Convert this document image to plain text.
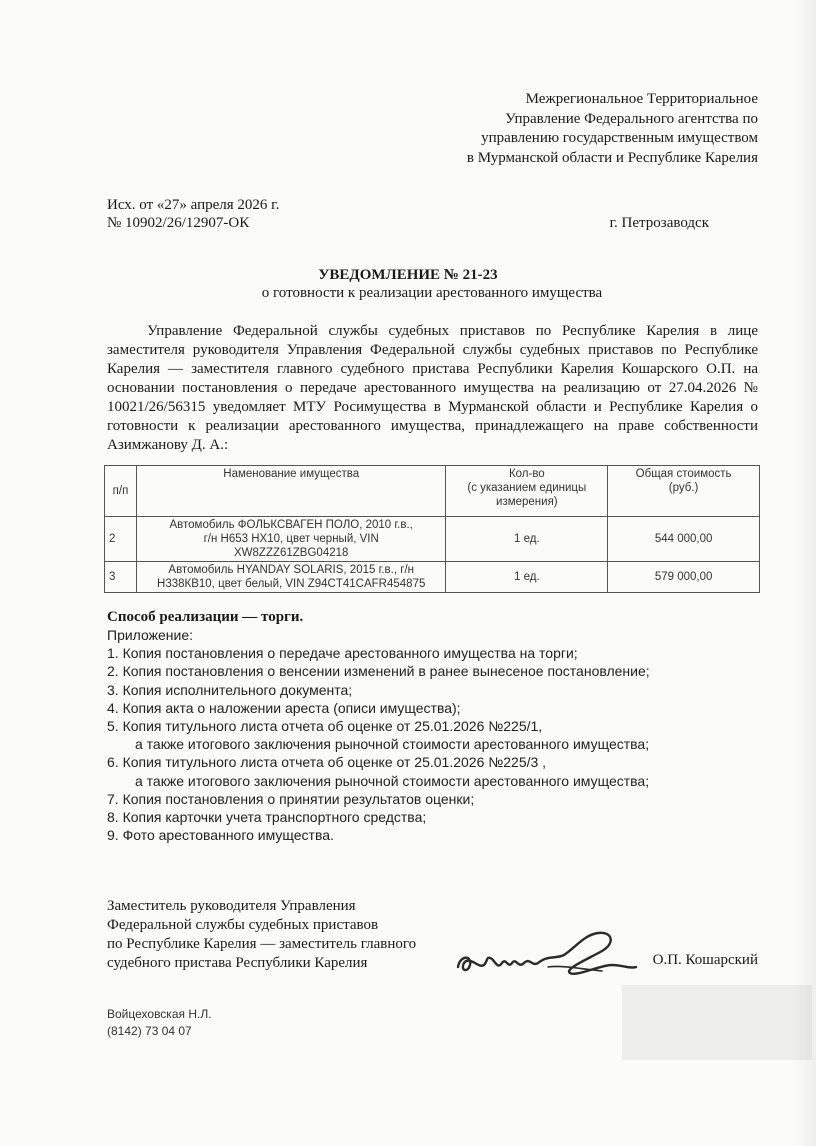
Межрегиональное Территориальное
Управление Федерального агентства по
управлению государственным имуществом
в Мурманской области и Республике Карелия
Исх. от «27» апреля 2026 г.
№ 10902/26/12907-ОК	г. Петрозаводск
УВЕДОМЛЕНИЕ № 21-23
о готовности к реализации арестованного имущества
Управление Федеральной службы судебных приставов по Республике Карелия в лице заместителя руководителя Управления Федеральной службы судебных приставов по Республике Карелия — заместителя главного судебного пристава Республики Карелия Кошарского О.П. на основании постановления о передаче арестованного имущества на реализацию от 27.04.2026 № 10021/26/56315 уведомляет МТУ Росимущества в Мурманской области и Республике Карелия о готовности к реализации арестованного имущества, принадлежащего на праве собственности Азимжанову Д. А.:
п/п	Наменование имущества	Кол-во
(с указанием единицы
измерения)	Общая стоимость
(руб.)
2	Автомобиль ФОЛЬКСВАГЕН ПОЛО, 2010 г.в.,
г/н Н653 НХ10, цвет черный, VIN
XW8ZZZ61ZBG04218	1 ед.	544 000,00
3	Автомобиль HYANDAY SOLARIS, 2015 г.в., г/н
Н338КВ10, цвет белый, VIN Z94CT41CAFR454875	1 ед.	579 000,00
Способ реализации — торги.
Приложение:
1. Копия постановления о передаче арестованного имущества на торги;
2. Копия постановления о венсении изменений в ранее вынесеное постановление;
3. Копия исполнительного документа;
4. Копия акта о наложении ареста (описи имущества);
5. Копия титульного листа отчета об оценке от 25.01.2026 №225/1,
а также итогового заключения рыночной стоимости арестованного имущества;
6. Копия титульного листа отчета об оценке от 25.01.2026 №225/3 ,
а также итогового заключения рыночной стоимости арестованного имущества;
7. Копия постановления о принятии результатов оценки;
8. Копия карточки учета транспортного средства;
9. Фото арестованного имущества.
Заместитель руководителя Управления
Федеральной службы судебных приставов
по Республике Карелия — заместитель главного
судебного пристава Республики Карелия	О.П. Кошарский
Войцеховская Н.Л.
(8142) 73 04 07
